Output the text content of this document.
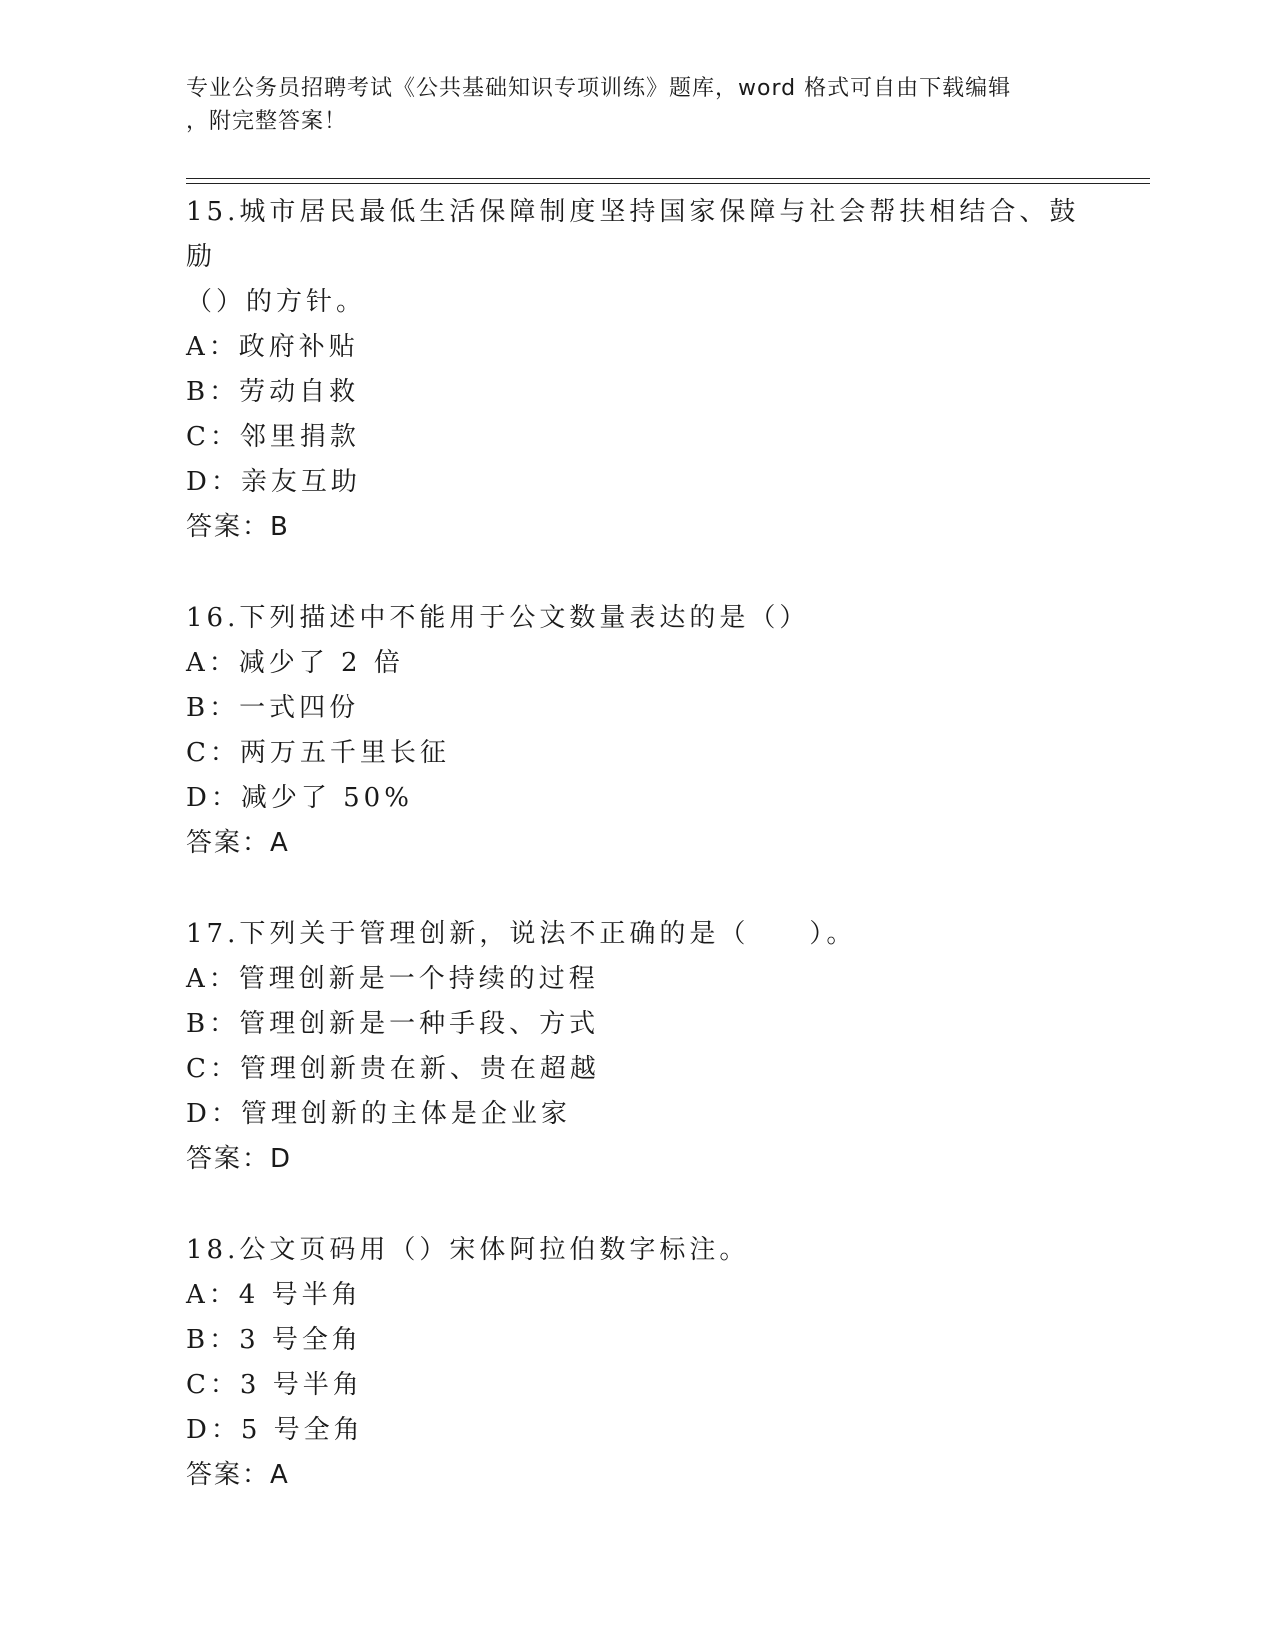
专业公务员招聘考试《公共基础知识专项训练》题库，word 格式可自由下载编辑
，附完整答案！
15.城市居民最低生活保障制度坚持国家保障与社会帮扶相结合、鼓励
（）的方针。
A：政府补贴
B：劳动自救
C：邻里捐款
D：亲友互助
答案：B
16.下列描述中不能用于公文数量表达的是（）
A：减少了 2 倍
B：一式四份
C：两万五千里长征
D：减少了 50%
答案：A
17.下列关于管理创新，说法不正确的是（　　）。
A：管理创新是一个持续的过程
B：管理创新是一种手段、方式
C：管理创新贵在新、贵在超越
D：管理创新的主体是企业家
答案：D
18.公文页码用（）宋体阿拉伯数字标注。
A：4 号半角
B：3 号全角
C：3 号半角
D：5 号全角
答案：A
